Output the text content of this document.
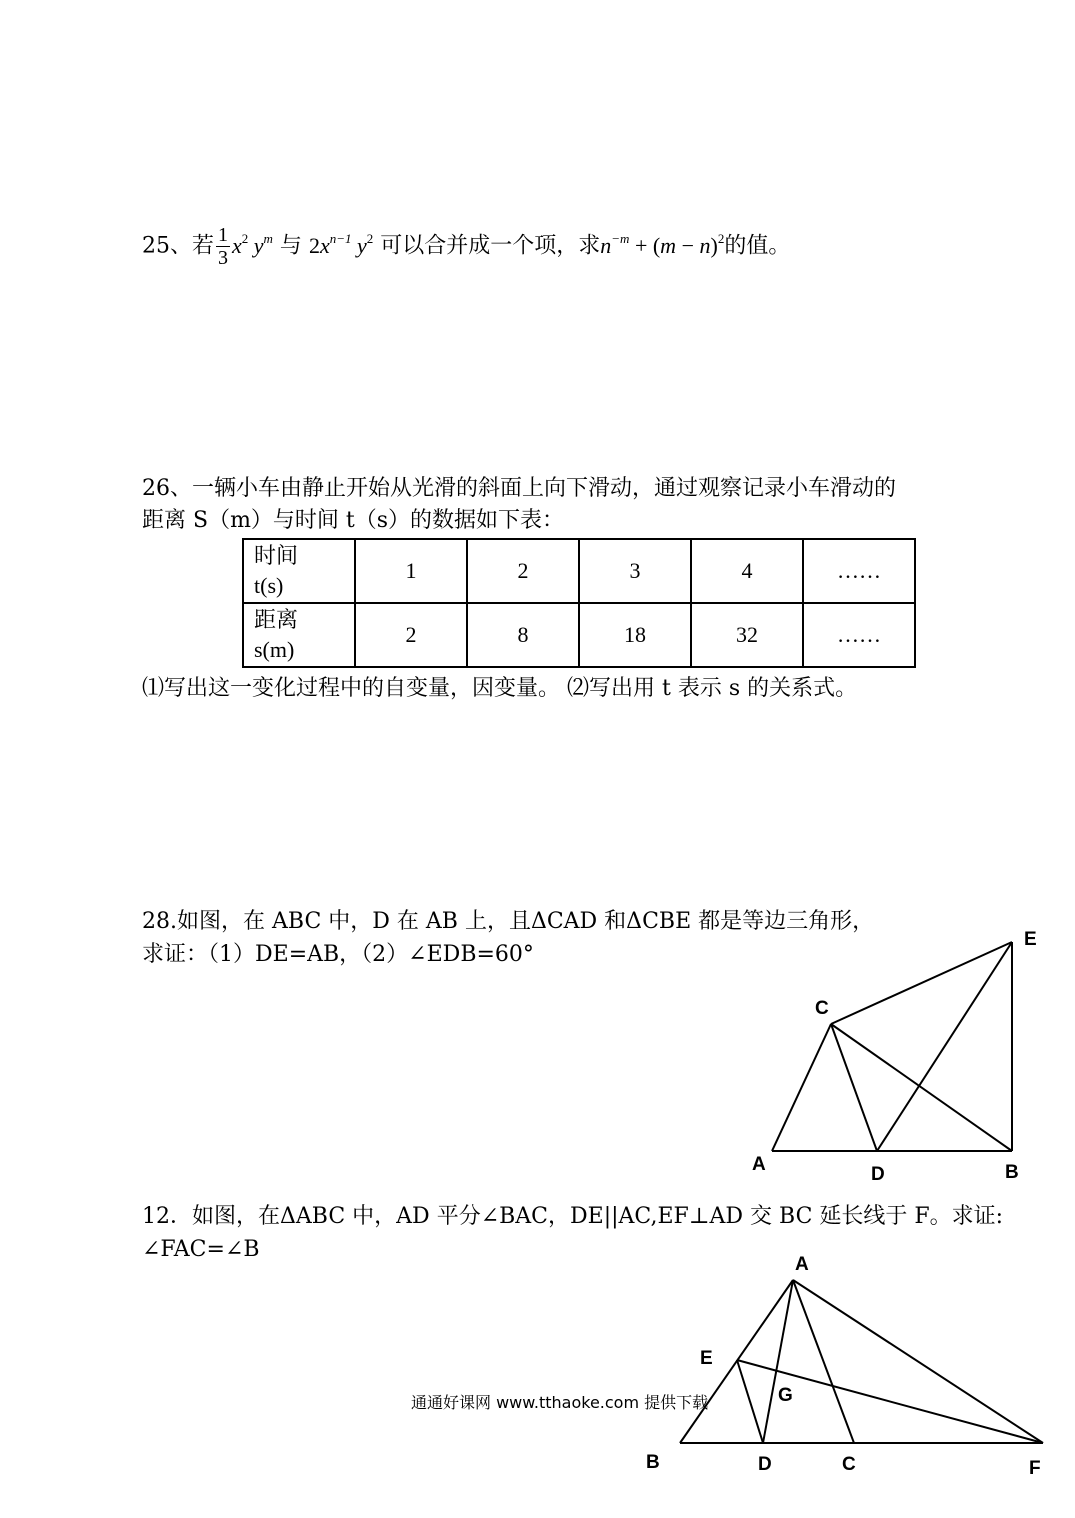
25、若 $\frac{1}{3} x^2$ $y^m$ 与 $2x^{n-1}$ $y^2$ 可以合并成一个项，求$n^{-m} + (m - n)^2$的值。
26、一辆小车由静止开始从光滑的斜面上向下滑动，通过观察记录小车滑动的
距离 S（m）与时间 t（s）的数据如下表：
时间
t(s)	1	2	3	4	……
距离
s(m)	2	8	18	32	……
⑴写出这一变化过程中的自变量，因变量。 ⑵写出用 t 表示 s 的关系式。
28.如图，在 ABC 中，D 在 AB 上，且ΔCAD 和ΔCBE 都是等边三角形，
求证：（1）DE=AB，（2）∠EDB=60°
A	B
C
D
E
12．如图，在ΔABC 中，AD 平分∠BAC，DE||AC,EF⊥AD 交 BC 延长线于 F。求证:
∠FAC=∠B
A
B	C
D
E
F
G
通通好课网 www.tthaoke.com 提供下载
